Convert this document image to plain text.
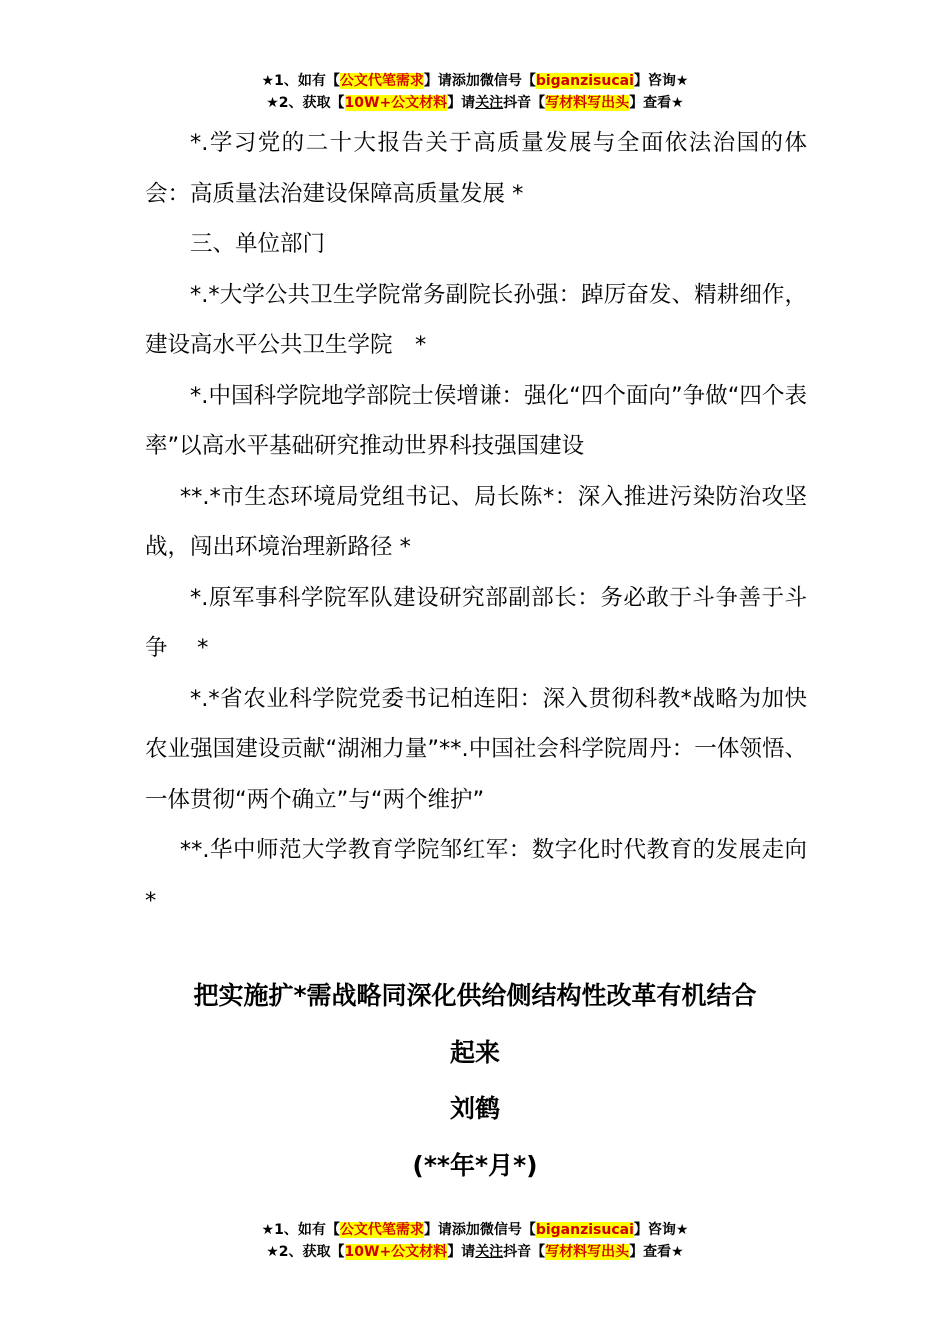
★1、如有【公文代笔需求】请添加微信号【biganzisucai】咨询★
★2、获取【10W+公文材料】请关注抖音【写材料写出头】查看★

*.学习党的二十大报告关于高质量发展与全面依法治国的体会：高质量法治建设保障高质量发展 *

三、单位部门

*.*大学公共卫生学院常务副院长孙强：踔厉奋发、精耕细作，建设高水平公共卫生学院　*

*.中国科学院地学部院士侯增谦：强化“四个面向”争做“四个表率”以高水平基础研究推动世界科技强国建设

**.*市生态环境局党组书记、局长陈*：深入推进污染防治攻坚战，闯出环境治理新路径 *

*.原军事科学院军队建设研究部副部长：务必敢于斗争善于斗争　 *

*.*省农业科学院党委书记柏连阳：深入贯彻科教*战略为加快农业强国建设贡献“湖湘力量”**.中国社会科学院周丹：一体领悟、一体贯彻“两个确立”与“两个维护”

**.华中师范大学教育学院邹红军：数字化时代教育的发展走向　*

把实施扩*需战略同深化供给侧结构性改革有机结合
起来
刘鹤
(**年*月*)
★1、如有【公文代笔需求】请添加微信号【biganzisucai】咨询★
★2、获取【10W+公文材料】请关注抖音【写材料写出头】查看★
